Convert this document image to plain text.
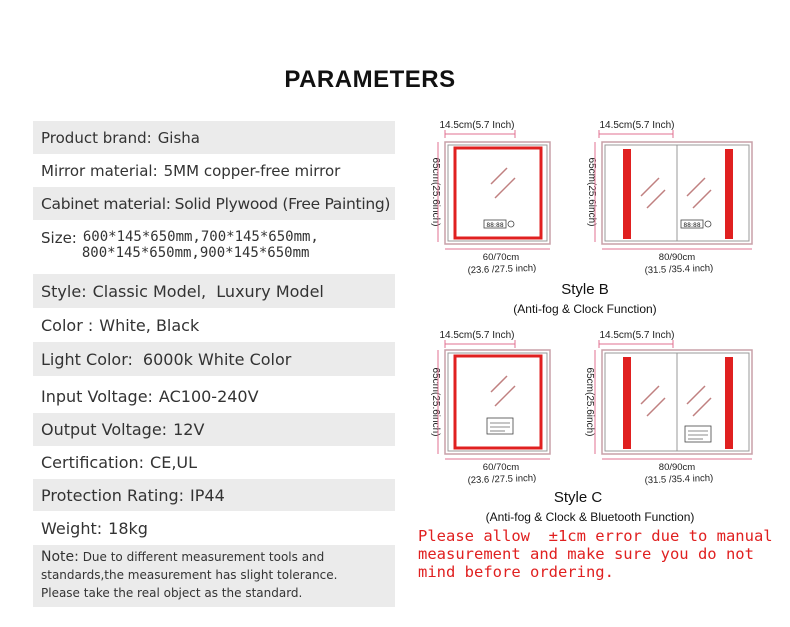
PARAMETERS
Product brand: Gisha
Mirror material: 5MM copper-free mirror
Cabinet material: Solid Plywood (Free Painting)
Size: 600*145*650mm,700*145*650mm,
800*145*650mm,900*145*650mm
Style: Classic Model,  Luxury Model
Color : White, Black
Light Color: 6000k White Color
Input Voltage: AC100-240V
Output Voltage: 12V
Certification: CE,UL
Protection Rating: IP44
Weight: 18kg
Note: Due to different measurement tools and
standards,the measurement has slight tolerance.
Please take the real object as the standard.
14.5cm(5.7 Inch)
65cm(25.6inch)	88:88
60/70cm
(23.6 /27.5 inch)
14.5cm(5.7 Inch)
65cm(25.6inch)	88:88
80/90cm
(31.5 /35.4 inch)
14.5cm(5.7 Inch)
65cm(25.6inch)
60/70cm
(23.6 /27.5 inch)
14.5cm(5.7 Inch)
65cm(25.6inch)
80/90cm
(31.5 /35.4 inch)
Style B
(Anti-fog & Clock Function)
Style C
(Anti-fog & Clock & Bluetooth Function)
Please allow  ±1cm error due to manual
measurement and make sure you do not
mind before ordering.
